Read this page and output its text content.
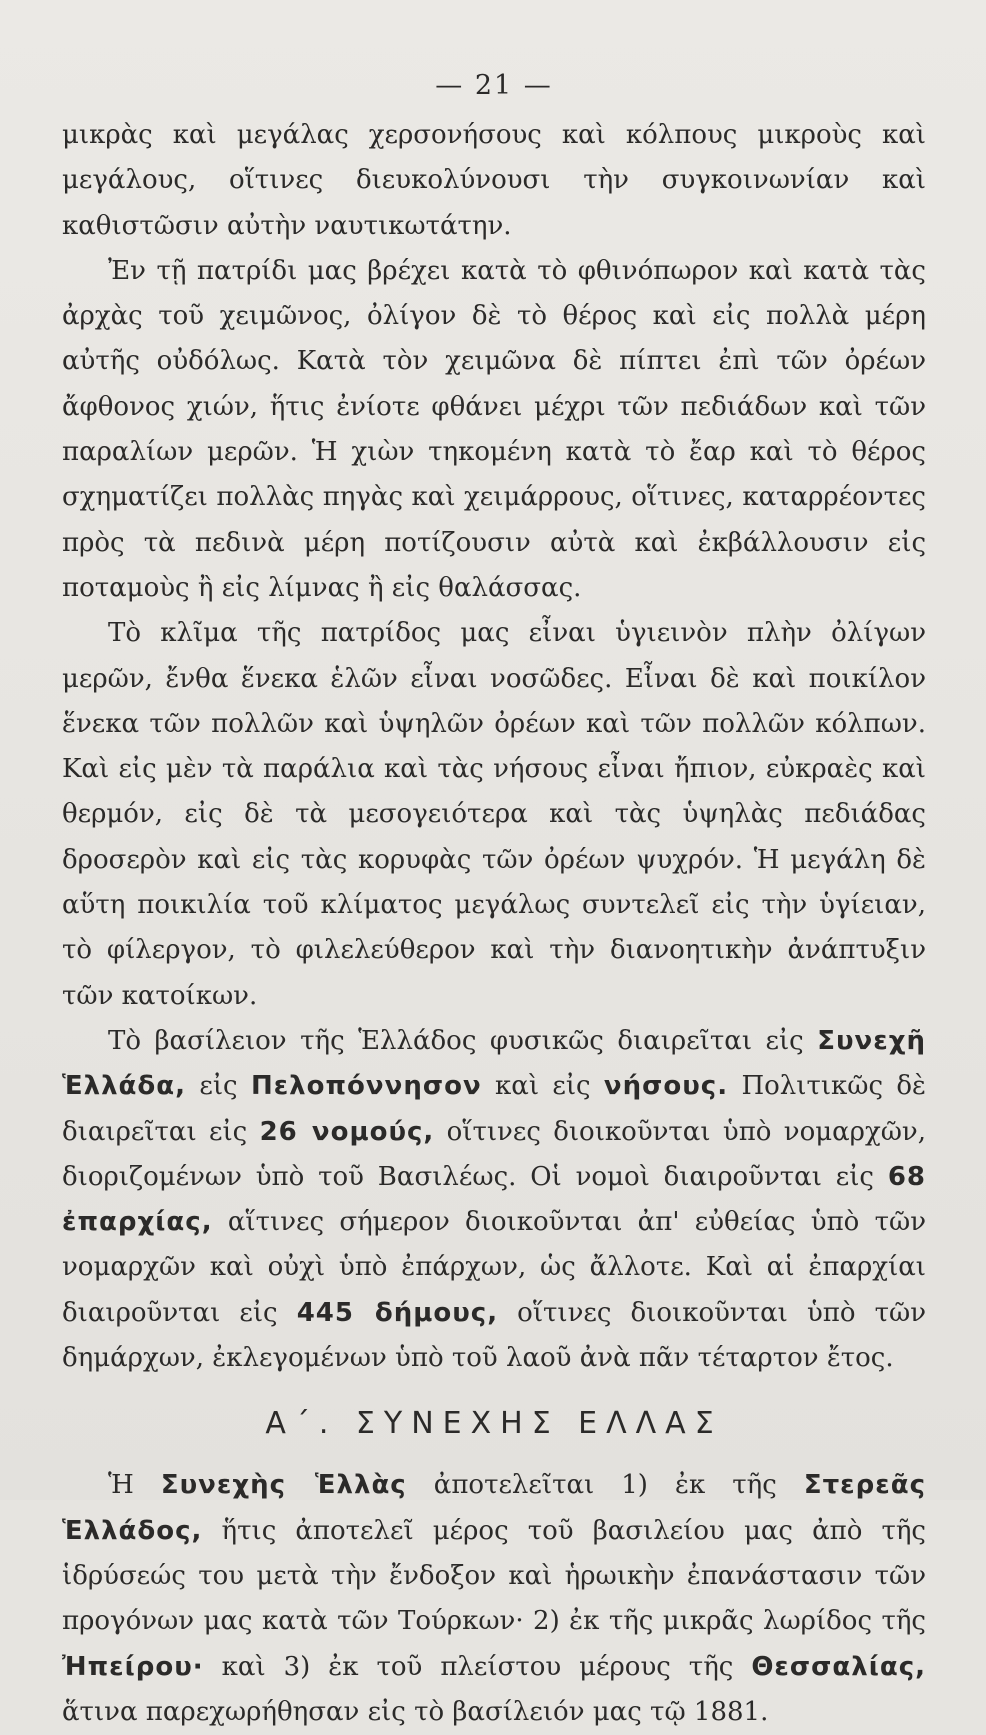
— 21 —

μικρὰς καὶ μεγάλας χερσονήσους καὶ κόλπους μικροὺς καὶ μεγάλους, οἵτινες διευκολύνουσι τὴν συγκοινωνίαν καὶ καθιστῶσιν αὐτὴν ναυτικωτάτην.

Ἐν τῇ πατρίδι μας βρέχει κατὰ τὸ φθινόπωρον καὶ κατὰ τὰς ἀρχὰς τοῦ χειμῶνος, ὀλίγον δὲ τὸ θέρος καὶ εἰς πολλὰ μέρη αὐτῆς οὐδόλως. Κατὰ τὸν χειμῶνα δὲ πίπτει ἐπὶ τῶν ὀρέων ἄφθονος χιών, ἥτις ἐνίοτε φθάνει μέχρι τῶν πεδιάδων καὶ τῶν παραλίων μερῶν. Ἡ χιὼν τηκομένη κατὰ τὸ ἔαρ καὶ τὸ θέρος σχηματίζει πολλὰς πηγὰς καὶ χειμάρρους, οἵτινες, καταρρέοντες πρὸς τὰ πεδινὰ μέρη ποτίζουσιν αὐτὰ καὶ ἐκβάλλουσιν εἰς ποταμοὺς ἢ εἰς λίμνας ἢ εἰς θαλάσσας.

Τὸ κλῖμα τῆς πατρίδος μας εἶναι ὑγιεινὸν πλὴν ὀλίγων μερῶν, ἔνθα ἕνεκα ἑλῶν εἶναι νοσῶδες. Εἶναι δὲ καὶ ποικίλον ἕνεκα τῶν πολλῶν καὶ ὑψηλῶν ὀρέων καὶ τῶν πολλῶν κόλπων. Καὶ εἰς μὲν τὰ παράλια καὶ τὰς νήσους εἶναι ἤπιον, εὐκραὲς καὶ θερμόν, εἰς δὲ τὰ μεσογειότερα καὶ τὰς ὑψηλὰς πεδιάδας δροσερὸν καὶ εἰς τὰς κορυφὰς τῶν ὀρέων ψυχρόν. Ἡ μεγάλη δὲ αὕτη ποικιλία τοῦ κλίματος μεγάλως συντελεῖ εἰς τὴν ὑγίειαν, τὸ φίλεργον, τὸ φιλελεύθερον καὶ τὴν διανοητικὴν ἀνάπτυξιν τῶν κατοίκων.

Τὸ βασίλειον τῆς Ἑλλάδος φυσικῶς διαιρεῖται εἰς Συνεχῆ Ἑλλάδα, εἰς Πελοπόννησον καὶ εἰς νήσους. Πολιτικῶς δὲ διαιρεῖται εἰς 26 νομούς, οἵτινες διοικοῦνται ὑπὸ νομαρχῶν, διοριζομένων ὑπὸ τοῦ Βασιλέως. Οἱ νομοὶ διαιροῦνται εἰς 68 ἐπαρχίας, αἵτινες σήμερον διοικοῦνται ἀπ' εὐθείας ὑπὸ τῶν νομαρχῶν καὶ οὐχὶ ὑπὸ ἐπάρχων, ὡς ἄλλοτε. Καὶ αἱ ἐπαρχίαι διαιροῦνται εἰς 445 δήμους, οἵτινες διοικοῦνται ὑπὸ τῶν δημάρχων, ἐκλεγομένων ὑπὸ τοῦ λαοῦ ἀνὰ πᾶν τέταρτον ἔτος.

Α΄. ΣΥΝΕΧΗΣ ΕΛΛΑΣ

Ἡ Συνεχὴς Ἑλλὰς ἀποτελεῖται 1) ἐκ τῆς Στερεᾶς Ἑλλάδος, ἥτις ἀποτελεῖ μέρος τοῦ βασιλείου μας ἀπὸ τῆς ἱδρύσεώς του μετὰ τὴν ἔνδοξον καὶ ἡρωικὴν ἐπανάστασιν τῶν προγόνων μας κατὰ τῶν Τούρκων· 2) ἐκ τῆς μικρᾶς λωρίδος τῆς Ἠπείρου· καὶ 3) ἐκ τοῦ πλείστου μέρους τῆς Θεσσαλίας, ἅτινα παρεχωρήθησαν εἰς τὸ βασίλειόν μας τῷ 1881.
